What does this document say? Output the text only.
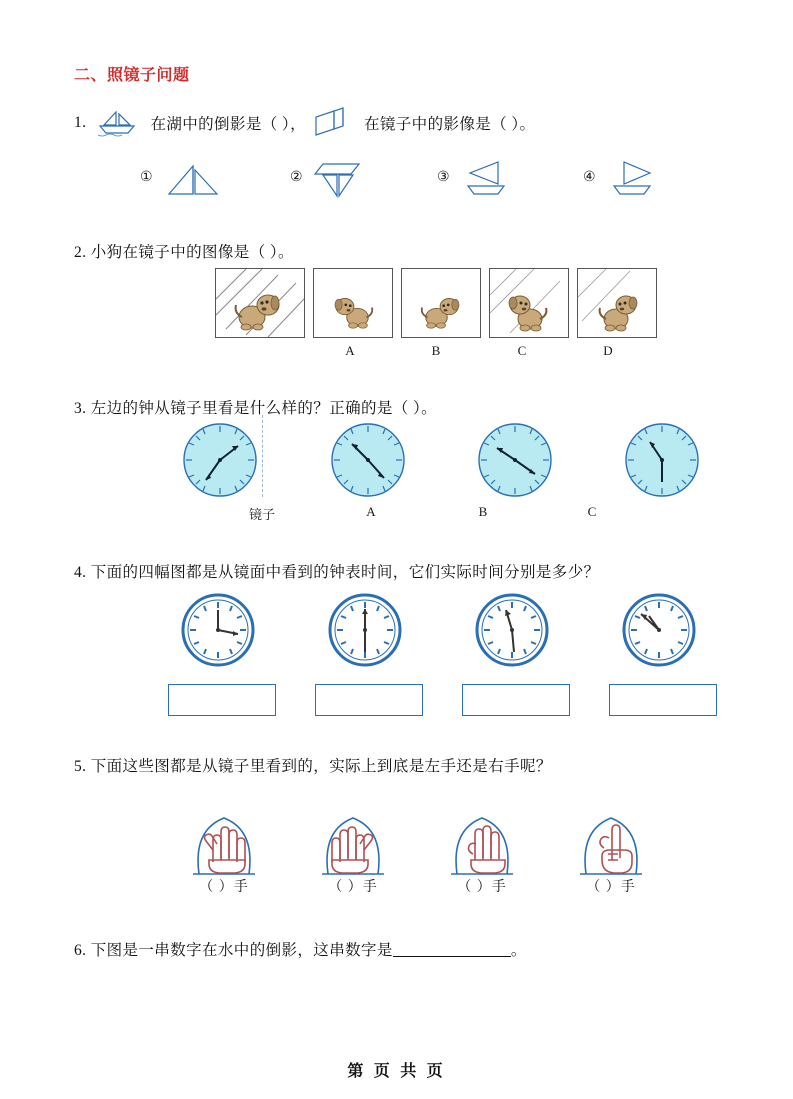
二、照镜子问题
1.	在湖中的倒影是（ ），	在镜子中的影像是（ ）。
①	②	③	④
2. 小狗在镜子中的图像是（ ）。
A	B	C	D
3. 左边的钟从镜子里看是什么样的？正确的是（ ）。
镜子	A	B	C
4. 下面的四幅图都是从镜面中看到的钟表时间，它们实际时间分别是多少？
5. 下面这些图都是从镜子里看到的，实际上到底是左手还是右手呢？
（ ）手	（ ）手	（ ）手	（ ）手
6. 下图是一串数字在水中的倒影，这串数字是	。
第 页 共 页
